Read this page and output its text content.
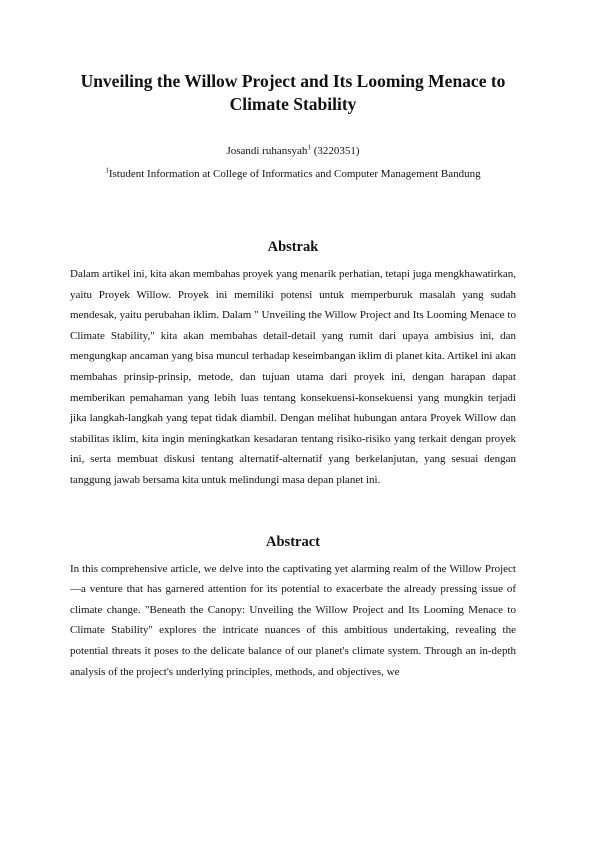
Unveiling the Willow Project and Its Looming Menace to
Climate Stability
Josandi ruhansyah$^1$ (3220351)
$^1$Istudent Information at College of Informatics and Computer Management Bandung
Abstrak

Dalam artikel ini, kita akan membahas proyek yang menarik perhatian, tetapi juga mengkhawatirkan, yaitu Proyek Willow. Proyek ini memiliki potensi untuk memperburuk masalah yang sudah mendesak, yaitu perubahan iklim. Dalam " Unveiling the Willow Project and Its Looming Menace to Climate Stability," kita akan membahas detail-detail yang rumit dari upaya ambisius ini, dan mengungkap ancaman yang bisa muncul terhadap keseimbangan iklim di planet kita. Artikel ini akan membahas prinsip-prinsip, metode, dan tujuan utama dari proyek ini, dengan harapan dapat memberikan pemahaman yang lebih luas tentang konsekuensi-konsekuensi yang mungkin terjadi jika langkah-langkah yang tepat tidak diambil. Dengan melihat hubungan antara Proyek Willow dan stabilitas iklim, kita ingin meningkatkan kesadaran tentang risiko-risiko yang terkait dengan proyek ini, serta membuat diskusi tentang alternatif-alternatif yang berkelanjutan, yang sesuai dengan tanggung jawab bersama kita untuk melindungi masa depan planet ini.

Abstract

In this comprehensive article, we delve into the captivating yet alarming realm of the Willow Project—a venture that has garnered attention for its potential to exacerbate the already pressing issue of climate change. "Beneath the Canopy: Unveiling the Willow Project and Its Looming Menace to Climate Stability" explores the intricate nuances of this ambitious undertaking, revealing the potential threats it poses to the delicate balance of our planet's climate system. Through an in-depth analysis of the project's underlying principles, methods, and objectives, we
